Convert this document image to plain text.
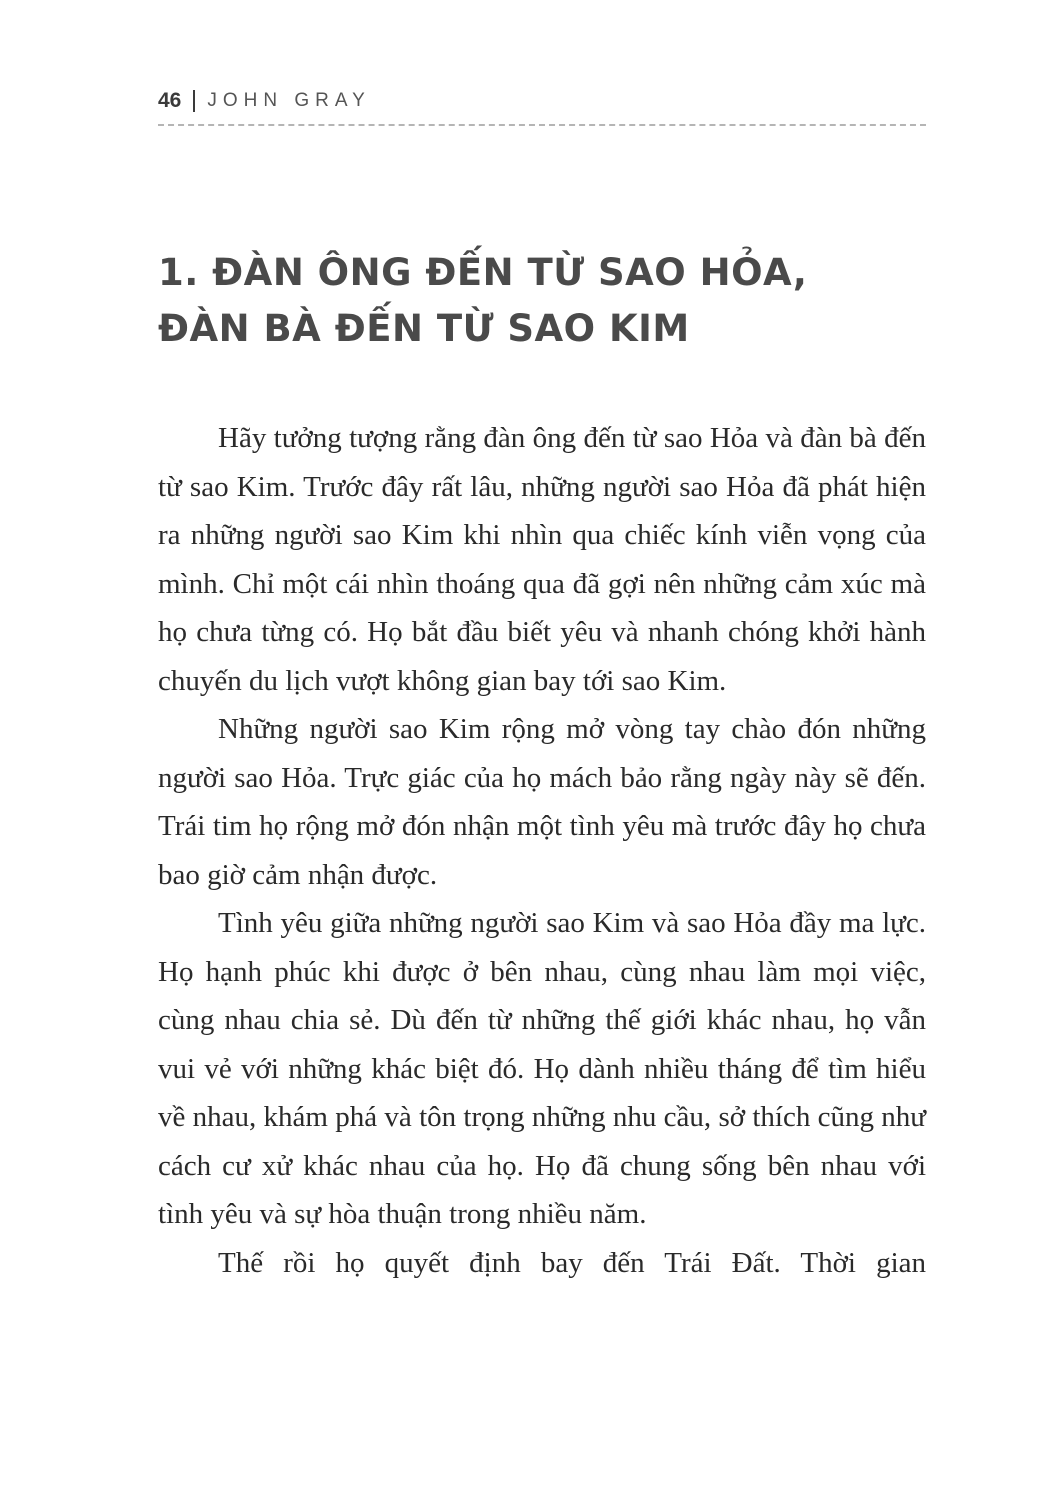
46 JOHN GRAY
1. ĐÀN ÔNG ĐẾN TỪ SAO HỎA,
ĐÀN BÀ ĐẾN TỪ SAO KIM

Hãy tưởng tượng rằng đàn ông đến từ sao Hỏa và đàn bà đến từ sao Kim. Trước đây rất lâu, những người sao Hỏa đã phát hiện ra những người sao Kim khi nhìn qua chiếc kính viễn vọng của mình. Chỉ một cái nhìn thoáng qua đã gợi nên những cảm xúc mà họ chưa từng có. Họ bắt đầu biết yêu và nhanh chóng khởi hành chuyến du lịch vượt không gian bay tới sao Kim.

Những người sao Kim rộng mở vòng tay chào đón những người sao Hỏa. Trực giác của họ mách bảo rằng ngày này sẽ đến. Trái tim họ rộng mở đón nhận một tình yêu mà trước đây họ chưa bao giờ cảm nhận được.

Tình yêu giữa những người sao Kim và sao Hỏa đầy ma lực. Họ hạnh phúc khi được ở bên nhau, cùng nhau làm mọi việc, cùng nhau chia sẻ. Dù đến từ những thế giới khác nhau, họ vẫn vui vẻ với những khác biệt đó. Họ dành nhiều tháng để tìm hiểu về nhau, khám phá và tôn trọng những nhu cầu, sở thích cũng như cách cư xử khác nhau của họ. Họ đã chung sống bên nhau với tình yêu và sự hòa thuận trong nhiều năm.

Thế rồi họ quyết định bay đến Trái Đất. Thời gian
